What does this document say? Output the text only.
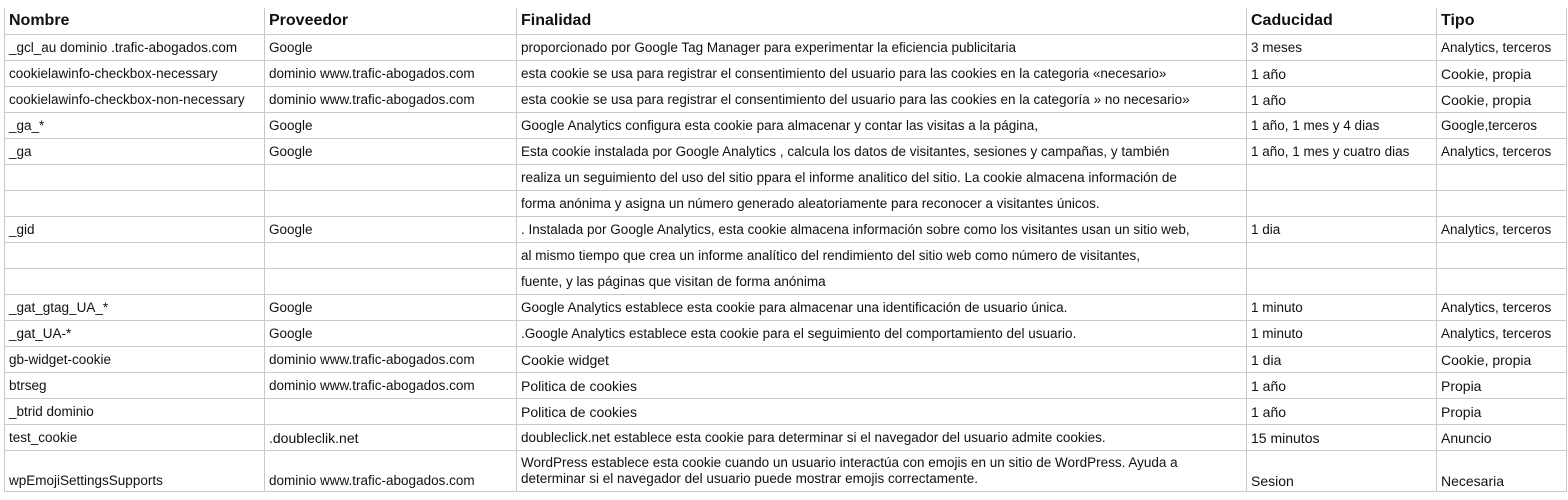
Nombre	Proveedor	Finalidad	Caducidad	Tipo
_gcl_au dominio .trafic-abogados.com	Google	proporcionado por Google Tag Manager para experimentar la eficiencia publicitaria	3 meses	Analytics, terceros
cookielawinfo-checkbox-necessary	dominio www.trafic-abogados.com	esta cookie se usa para registrar el consentimiento del usuario para las cookies en la categoria «necesario»	1 año	Cookie, propia
cookielawinfo-checkbox-non-necessary	dominio www.trafic-abogados.com	esta cookie se usa para registrar el consentimiento del usuario para las cookies en la categoría » no necesario»	1 año	Cookie, propia
_ga_*	Google	Google Analytics configura esta cookie para almacenar y contar las visitas a la página,	1 año, 1 mes y 4 dias	Google,terceros
_ga	Google	Esta cookie instalada por Google Analytics , calcula los datos de visitantes, sesiones y campañas, y también	1 año, 1 mes y cuatro dias	Analytics, terceros
		realiza un seguimiento del uso del sitio ppara el informe analitico del sitio. La cookie almacena información de		
		forma anónima y asigna un número generado aleatoriamente para reconocer a visitantes únicos.		
_gid	Google	. Instalada por Google Analytics, esta cookie almacena información sobre como los visitantes usan un sitio web,	1 dia	Analytics, terceros
		al mismo tiempo que crea un informe analítico del rendimiento del sitio web como número de visitantes,		
		fuente, y las páginas que visitan de forma anónima		
_gat_gtag_UA_*	Google	Google Analytics establece esta cookie para almacenar una identificación de usuario única.	1 minuto	Analytics, terceros
_gat_UA-*	Google	.Google Analytics establece esta cookie para el seguimiento del comportamiento del usuario.	1 minuto	Analytics, terceros
gb-widget-cookie	dominio www.trafic-abogados.com	Cookie widget	1 dia	Cookie, propia
btrseg	dominio www.trafic-abogados.com	Politica de cookies	1 año	Propia
_btrid dominio		Politica de cookies	1 año	Propia
test_cookie	.doubleclik.net	doubleclick.net establece esta cookie para determinar si el navegador del usuario admite cookies.	15 minutos	Anuncio
wpEmojiSettingsSupports	dominio www.trafic-abogados.com	WordPress establece esta cookie cuando un usuario interactúa con emojis en un sitio de WordPress. Ayuda a determinar si el navegador del usuario puede mostrar emojis correctamente.	Sesion	Necesaria
